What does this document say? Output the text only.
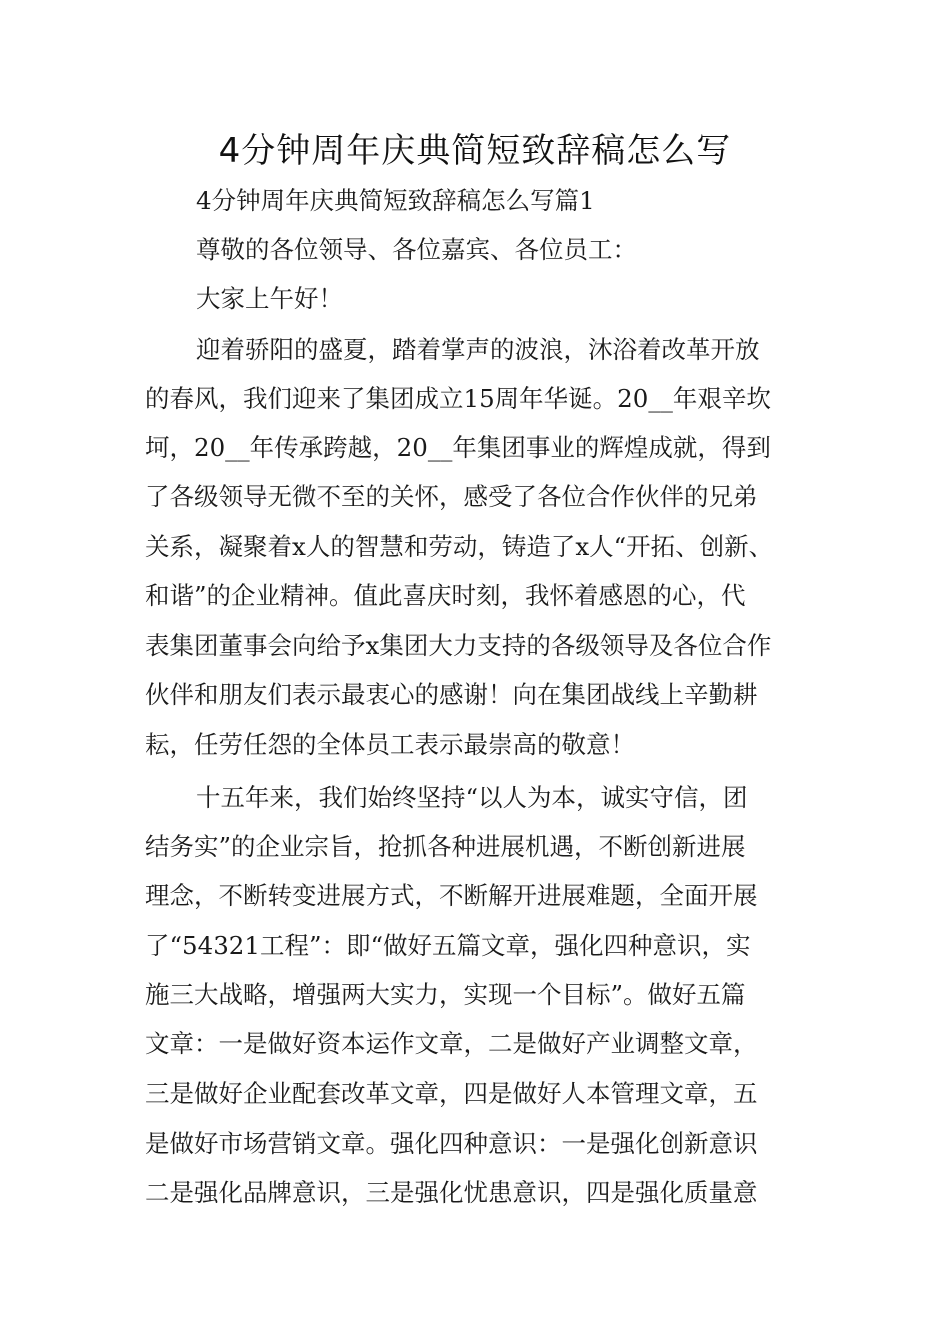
4分钟周年庆典简短致辞稿怎么写
4分钟周年庆典简短致辞稿怎么写篇1
尊敬的各位领导、各位嘉宾、各位员工：
大家上午好！
迎着骄阳的盛夏，踏着掌声的波浪，沐浴着改革开放
的春风，我们迎来了集团成立15周年华诞。20__年艰辛坎
坷，20__年传承跨越，20__年集团事业的辉煌成就，得到
了各级领导无微不至的关怀，感受了各位合作伙伴的兄弟
关系，凝聚着x人的智慧和劳动，铸造了x人“开拓、创新、
和谐”的企业精神。值此喜庆时刻，我怀着感恩的心，代
表集团董事会向给予x集团大力支持的各级领导及各位合作
伙伴和朋友们表示最衷心的感谢！向在集团战线上辛勤耕
耘，任劳任怨的全体员工表示最崇高的敬意！
十五年来，我们始终坚持“以人为本，诚实守信，团
结务实”的企业宗旨，抢抓各种进展机遇，不断创新进展
理念，不断转变进展方式，不断解开进展难题，全面开展
了“54321工程”：即“做好五篇文章，强化四种意识，实
施三大战略，增强两大实力，实现一个目标”。做好五篇
文章：一是做好资本运作文章，二是做好产业调整文章，
三是做好企业配套改革文章，四是做好人本管理文章，五
是做好市场营销文章。强化四种意识：一是强化创新意识
二是强化品牌意识，三是强化忧患意识，四是强化质量意
